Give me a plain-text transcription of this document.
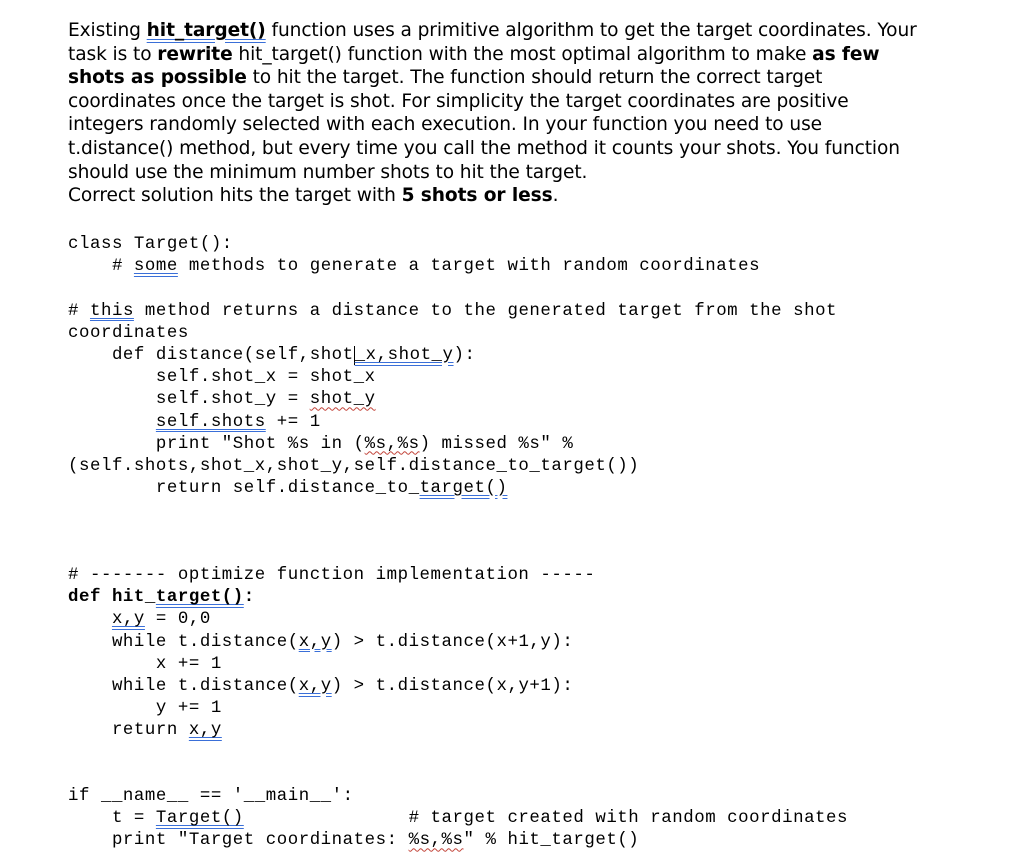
Existing hit_target() function uses a primitive algorithm to get the target coordinates. Your
task is to rewrite hit_target() function with the most optimal algorithm to make as few
shots as possible to hit the target. The function should return the correct target
coordinates once the target is shot. For simplicity the target coordinates are positive
integers randomly selected with each execution. In your function you need to use
t.distance() method, but every time you call the method it counts your shots. You function
should use the minimum number shots to hit the target.
Correct solution hits the target with 5 shots or less.
class Target():
# some methods to generate a target with random coordinates
# this method returns a distance to the generated target from the shot
coordinates
def distance(self,shot_x,shot_y):
self.shot_x = shot_x
self.shot_y = shot_y
self.shots += 1
print "Shot %s in (%s,%s) missed %s" %
(self.shots,shot_x,shot_y,self.distance_to_target())
return self.distance_to_target()
# ------- optimize function implementation -----
def hit_target():
x,y = 0,0
while t.distance(x,y) > t.distance(x+1,y):
x += 1
while t.distance(x,y) > t.distance(x,y+1):
y += 1
return x,y
if __name__ == '__main__':
t = Target()               # target created with random coordinates
print "Target coordinates: %s,%s" % hit_target()
